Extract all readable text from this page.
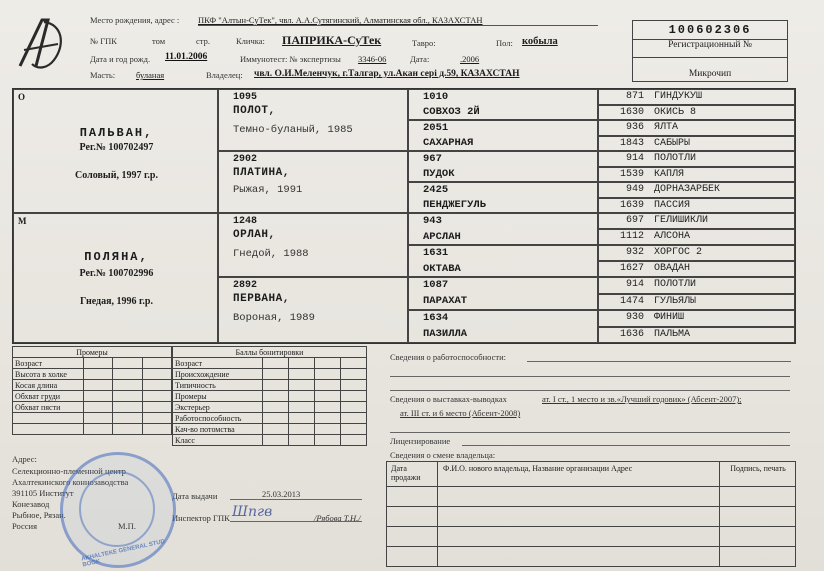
Место рождения, адрес : ПКФ "Алтын-СуТек", чвл. А.А.Сутягинский, Алматинская обл., КАЗАХСТАН
№ ГПК	том	стр.	Кличка: ПАПРИКА-СуТек	Тавро:	Пол: кобыла
Дата и год рожд. 11.01.2006	Иммунотест: № экспертизы 3346-06	Дата:	.2006
Масть: буланая	Владелец: чвл. О.И.Меленчук, г.Талгар, ул.Акан серi д.59, КАЗАХСТАН
100602306
Регистрационный №
Микрочип
О
ПАЛЬВАН,
Рег.№ 100702497
Соловый, 1997 г.р.
М
ПОЛЯНА,
Рег.№ 100702996
Гнедая, 1996 г.р.
1095
ПОЛОТ,
Темно-буланый, 1985
2902
ПЛАТИНА,
Рыжая, 1991
1248
ОРЛАН,
Гнедой, 1988
2892
ПЕРВАНА,
Вороная, 1989
1010
СОВХОЗ 2Й
2051
САХАРНАЯ
967
ПУДОК
2425
ПЕНДЖЕГУЛЬ
943
АРСЛАН
1631
ОКТАВА
1087
ПАРАХАТ
1634
ПАЗИЛЛА
871 ГИНДУКУШ
1630 ОКИСЬ 8
936 ЯЛТА
1843 САБЫРЫ
914 ПОЛОТЛИ
1539 КАПЛЯ
949 ДОРНАЗАРБЕК
1639 ПАССИЯ
697 ГЕЛИШИКЛИ
1112 АЛСОНА
932 ХОРГОС 2
1627 ОВАДАН
914 ПОЛОТЛИ
1474 ГУЛЬЯЛЫ
930 ФИНИШ
1636 ПАЛЬМА
Промеры			
Возраст			
Высота в холке			
Косая длина			
Обхват груди			
Обхват пясти			

Баллы бонитировки				
Возраст				
Происхождение				
Типичность				
Промеры				
Экстерьер				
Работоспособность				
Кач-во потомства				
Класс				
Сведения о работоспособности:
Сведения о выставках-выводках	ат. I ст., 1 место и зв.«Лучший годовик» (Абсент-2007);
ат. III ст. и 6 место (Абсент-2008)
Лицензирование
Сведения о смене владельца:
Дата продажи
Ф.И.О. нового владельца, Название организации Адрес	Подпись, печать
Адрес:
Селекционно-племенной центр
Ахалтекинского коннозаводства
391105 Институт
Конезавод
Рыбное, Рязан.
Россия
Дата выдачи	25.03.2013
Инспектор ГПК	/Рябова Т.Н./
М.П.
AKHALTEKE GENERAL STUD BOOK
Шпгв
